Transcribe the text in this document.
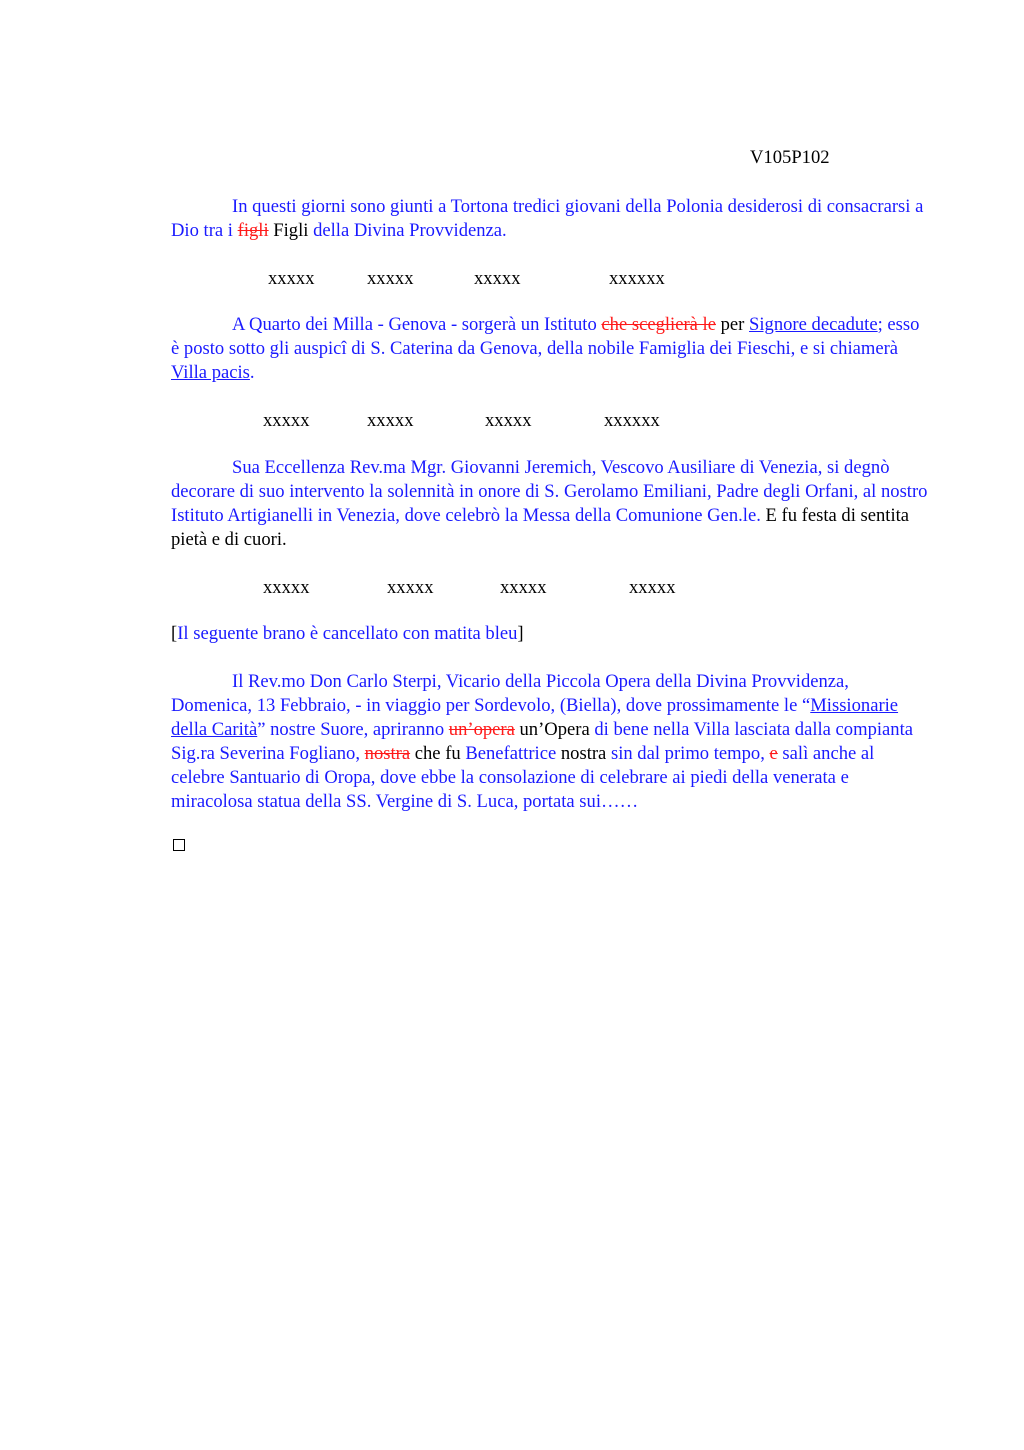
V105P102

In questi giorni sono giunti a Tortona tredici giovani della Polonia desiderosi di consacrarsi a Dio tra i figli Figli della Divina Provvidenza.

xxxxx	xxxxx	xxxxx	xxxxxx

A Quarto dei Milla - Genova - sorgerà un Istituto che sceglierà le per Signore decadute; esso è posto sotto gli auspicî di S. Caterina da Genova, della nobile Famiglia dei Fieschi, e si chiamerà Villa pacis.

xxxxx	xxxxx	xxxxx	xxxxxx

Sua Eccellenza Rev.ma Mgr. Giovanni Jeremich, Vescovo Ausiliare di Venezia, si degnò decorare di suo intervento la solennità in onore di S. Gerolamo Emiliani, Padre degli Orfani, al nostro Istituto Artigianelli in Venezia, dove celebrò la Messa della Comunione Gen.le. E fu festa di sentita pietà e di cuori.

xxxxx	xxxxx	xxxxx	xxxxx

[Il seguente brano è cancellato con matita bleu]

Il Rev.mo Don Carlo Sterpi, Vicario della Piccola Opera della Divina Provvidenza, Domenica, 13 Febbraio, - in viaggio per Sordevolo, (Biella), dove prossimamente le “Missionarie della Carità” nostre Suore, apriranno un’opera un’Opera di bene nella Villa lasciata dalla compianta Sig.ra Severina Fogliano, nostra che fu Benefattrice nostra sin dal primo tempo, e salì anche al celebre Santuario di Oropa, dove ebbe la consolazione di celebrare ai piedi della venerata e miracolosa statua della SS. Vergine di S. Luca, portata sui……
